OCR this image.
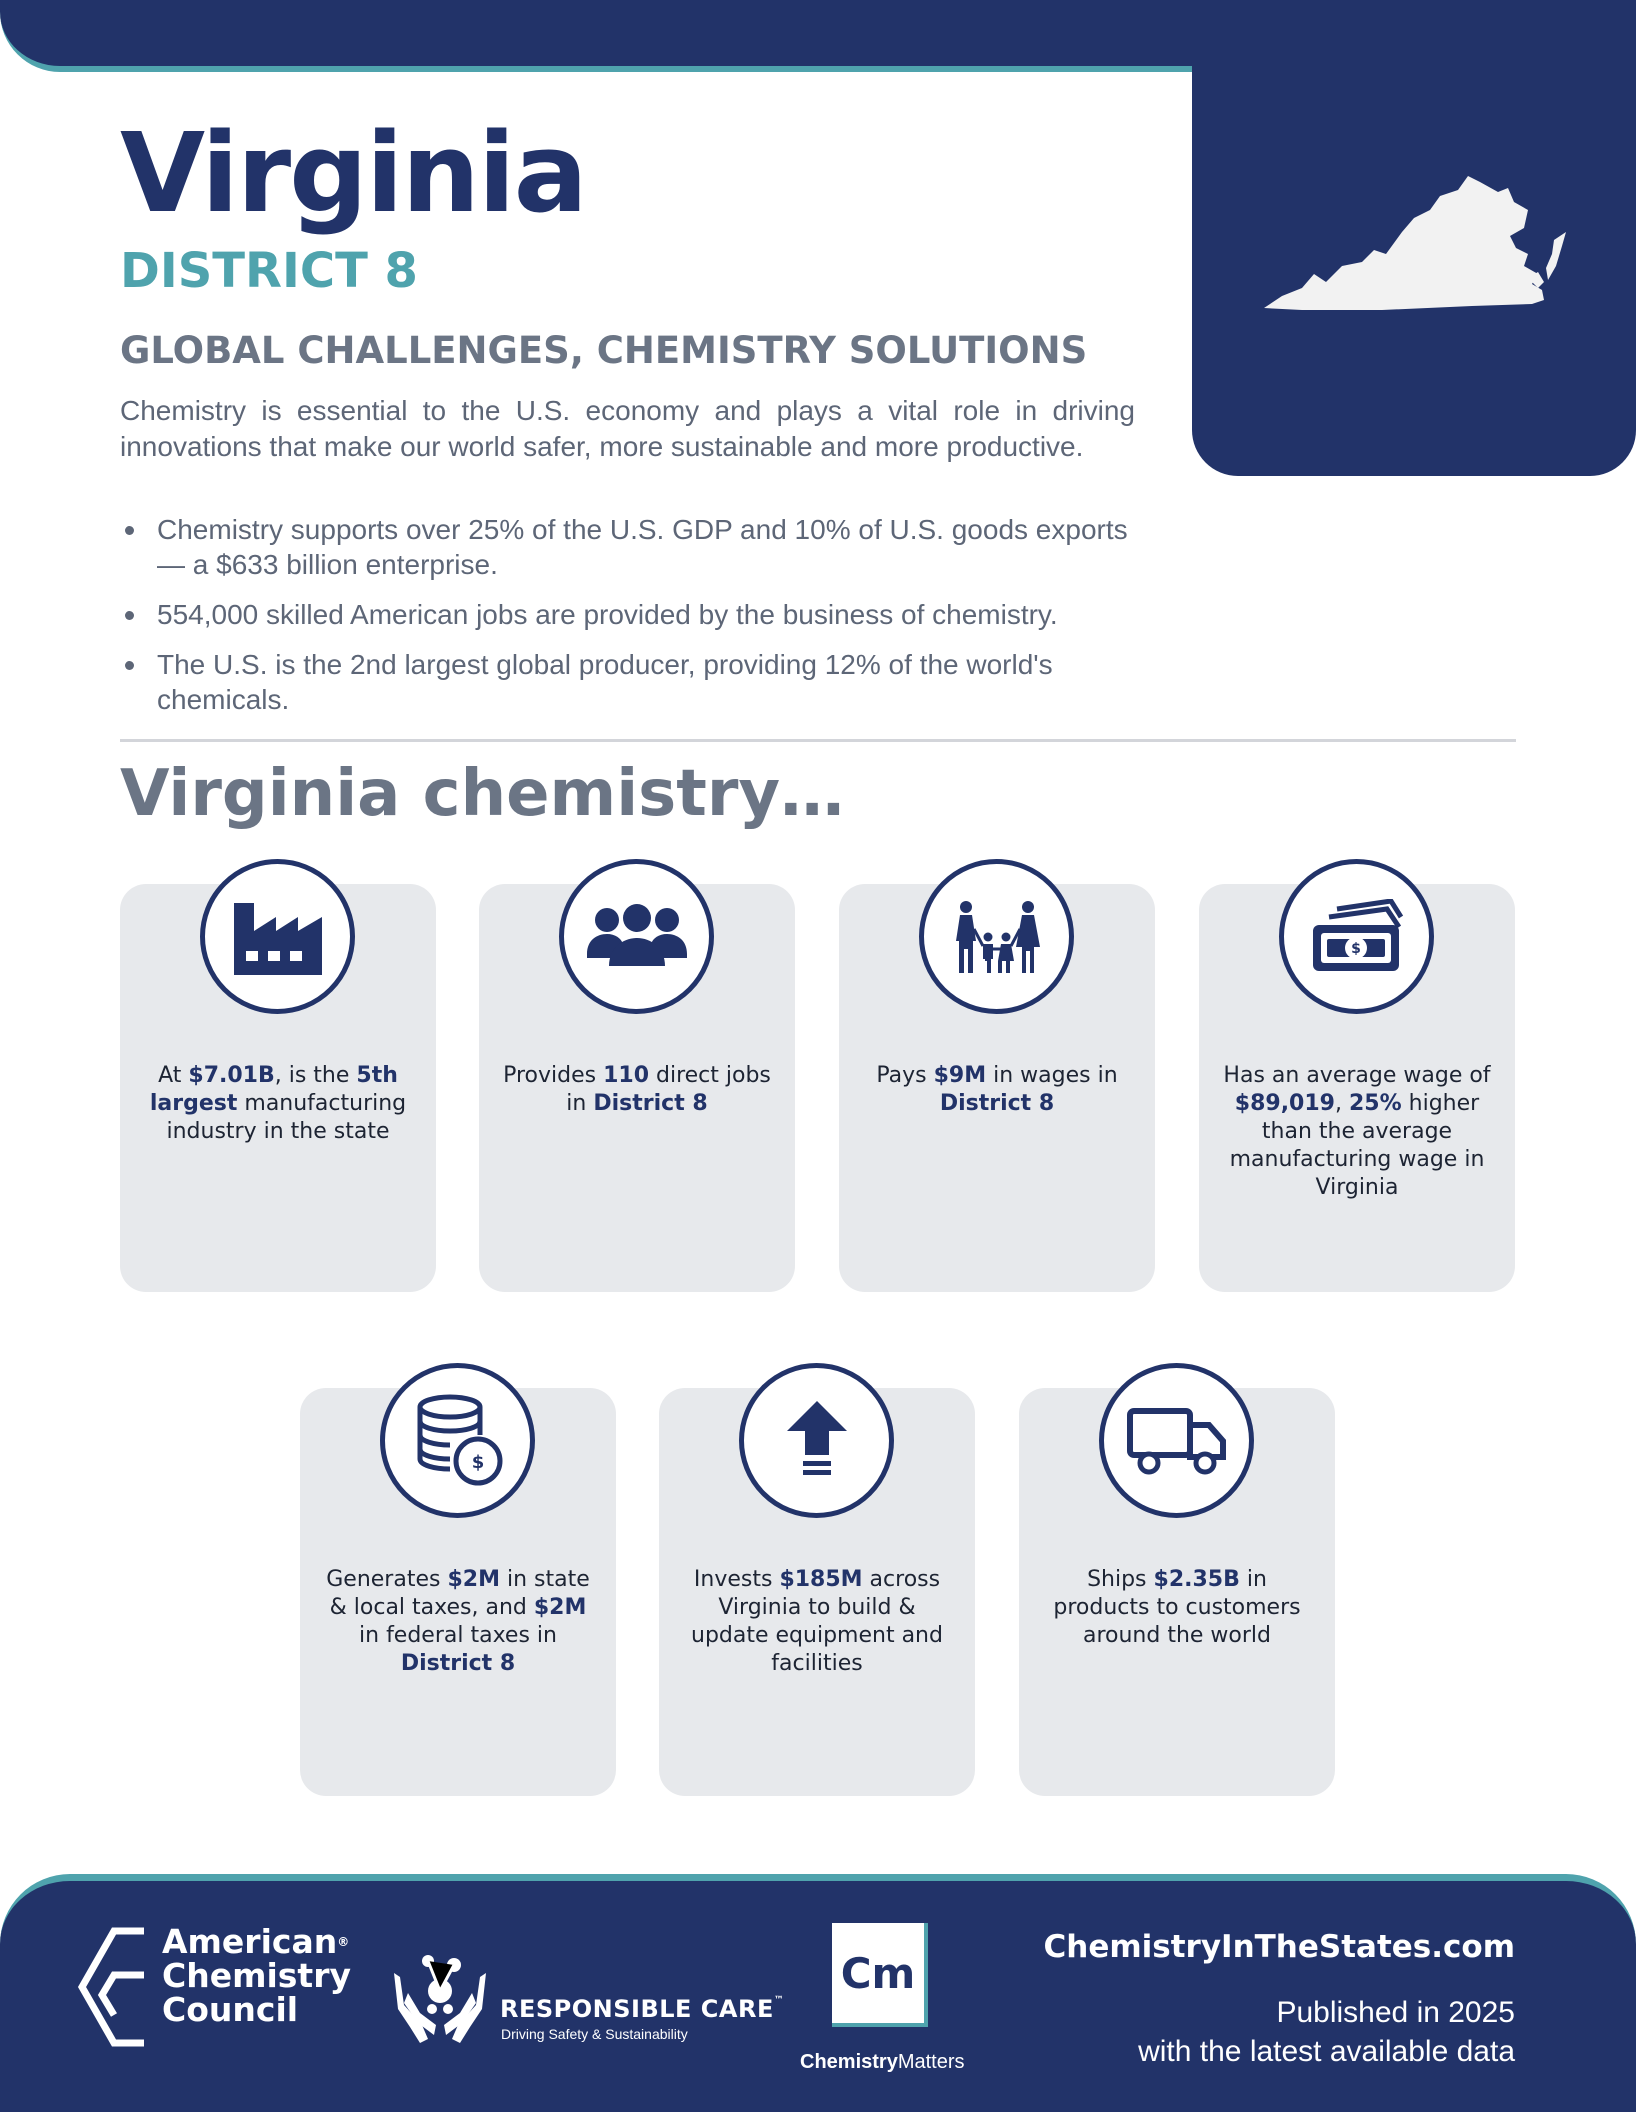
Virginia
DISTRICT 8
GLOBAL CHALLENGES, CHEMISTRY SOLUTIONS

Chemistry is essential to the U.S. economy and plays a vital role in driving innovations that make our world safer, more sustainable and more productive.

Chemistry supports over 25% of the U.S. GDP and 10% of U.S. goods exports — a $633 billion enterprise.
554,000 skilled American jobs are provided by the business of chemistry.
The U.S. is the 2nd largest global producer, providing 12% of the world's chemicals.
Virginia chemistry…
At $7.01B, is the 5th largest manufacturing industry in the state
Provides 110 direct jobs in District 8
Pays $9M in wages in District 8
$
Has an average wage of $89,019, 25% higher than the average manufacturing wage in Virginia
$
Generates $2M in state & local taxes, and $2M in federal taxes in District 8
Invests $185M across Virginia to build & update equipment and facilities
Ships $2.35B in products to customers around the world
American®
Chemistry
Council	RESPONSIBLE CARE™
Driving Safety & Sustainability
Cm
ChemistryMatters
ChemistryInTheStates.com
Published in 2025
with the latest available data
